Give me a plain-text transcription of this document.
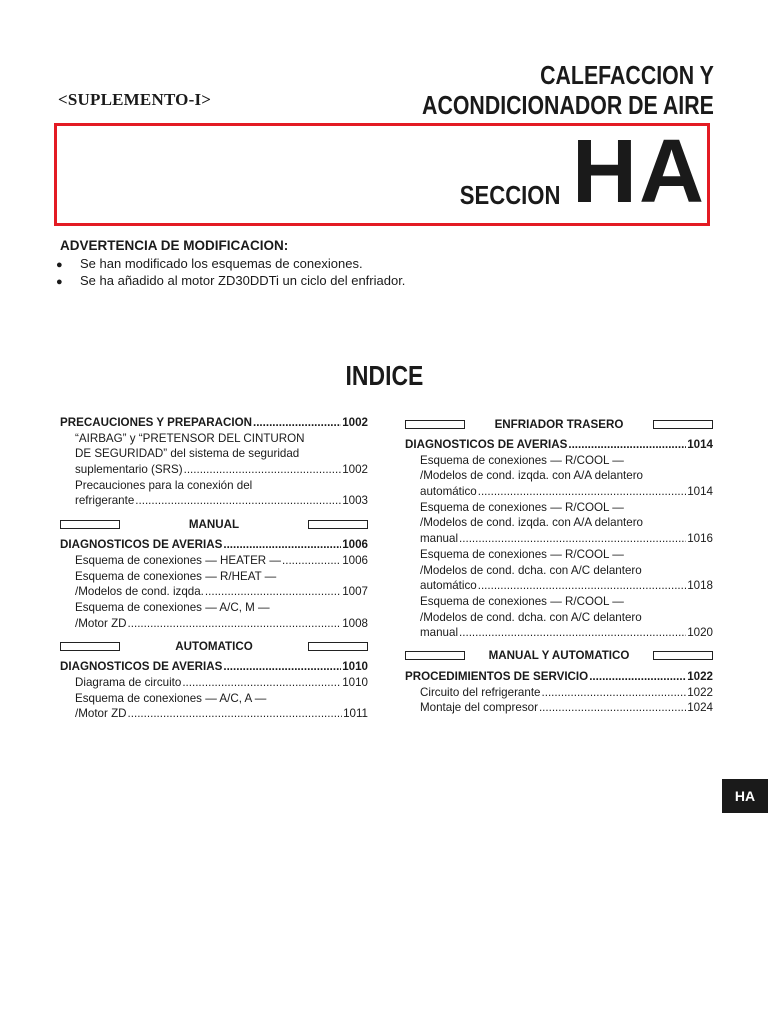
<SUPLEMENTO-I>
CALEFACCION Y
ACONDICIONADOR DE AIRE
SECCION HA
ADVERTENCIA DE MODIFICACION:
● Se han modificado los esquemas de conexiones.
● Se ha añadido al motor ZD30DDTi un ciclo del enfriador.
INDICE
PRECAUCIONES Y PREPARACION .....	1002
“AIRBAG” y “PRETENSOR DEL CINTURON
DE SEGURIDAD” del sistema de seguridad
suplementario (SRS) .....	1002
Precauciones para la conexión del
refrigerante .....	1003
MANUAL
DIAGNOSTICOS DE AVERIAS .....	1006
Esquema de conexiones — HEATER — .....	1006
Esquema de conexiones — R/HEAT —
/Modelos de cond. izqda. .....	1007
Esquema de conexiones — A/C, M —
/Motor ZD .....	1008
AUTOMATICO
DIAGNOSTICOS DE AVERIAS .....	1010
Diagrama de circuito .....	1010
Esquema de conexiones — A/C, A —
/Motor ZD .....	1011
ENFRIADOR TRASERO
DIAGNOSTICOS DE AVERIAS .....	1014
Esquema de conexiones — R/COOL —
/Modelos de cond. izqda. con A/A delantero
automático .....	1014
Esquema de conexiones — R/COOL —
/Modelos de cond. izqda. con A/A delantero
manual .....	1016
Esquema de conexiones — R/COOL —
/Modelos de cond. dcha. con A/C delantero
automático .....	1018
Esquema de conexiones — R/COOL —
/Modelos de cond. dcha. con A/C delantero
manual .....	1020
MANUAL Y AUTOMATICO
PROCEDIMIENTOS DE SERVICIO .....	1022
Circuito del refrigerante .....	1022
Montaje del compresor .....	1024
HA
